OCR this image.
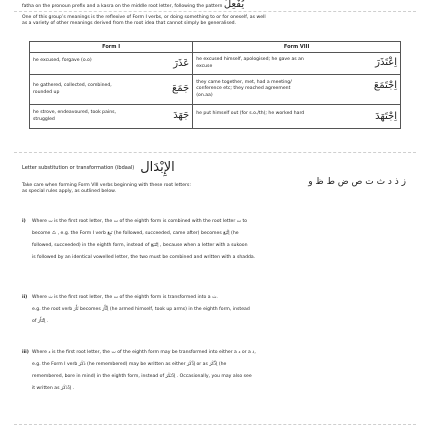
fatha on the pronoun prefix and a kasra on the middle root letter, following the pattern يُفْعِلُ
One of this group’s meanings is the reflexive of Form I verbs, or doing something to or for oneself, as well
as a variety of other meanings derived from the root idea that cannot simply be generalised.
Form I	Form VIII

he excused, forgave (o.o) عَذَرَ	he excused himself, apologised; he gave as an excuse اِعْتَذَرَ

he gathered, collected, combined, rounded up جَمَعَ	they came together, met, had a meeting/ conference etc; they reached agreement (on.aa)
اِجْتَمَعَ

he strove, endeavoured, took pains, struggled جَهَدَ	he put himself out (for s.o./th); he worked hard اِجْتَهَدَ
Letter substitution or transformation (ibdaal) الإِبْدَال
Take care when forming Form VIII verbs beginning with these root letters:	ز ذ د ث ت ص ض ط ظ و
as special rules apply, as outlined below.
i) Where ت is the first root letter, the ت of the eighth form is combined with the root letter ت to
become تّ , e.g. the Form I verb تَبِعَ (he followed, succeeded, came after) becomes اِتَّبَعَ (he
followed, succeeded) in the eighth form, instead of اِتْتَبَعَ , because when a letter with a sukoon
is followed by an identical vowelled letter, the two must be combined and written with a shadda.
ii) Where ث is the first root letter, the ت of the eighth form is transformed into a ث.
e.g. the root verb ثَأَرَ becomes اِثَّأَرَ (he armed himself, took up arms) in the eighth form, instead
of اِثْتَأَرَ .
iii) Where د is the first root letter, the ت of the eighth form may be transformed into either a د or a ذ,
e.g. the Form I verb ذَكَرَ (he remembered) may be written as either اِدَّكَرَ or as اِذَّكَرَ (he
remembered, bore in mind) in the eighth form, instead of اِذْتَكَرَ . Occasionally, you may also see
it written as اِذْذَكَرَ .
